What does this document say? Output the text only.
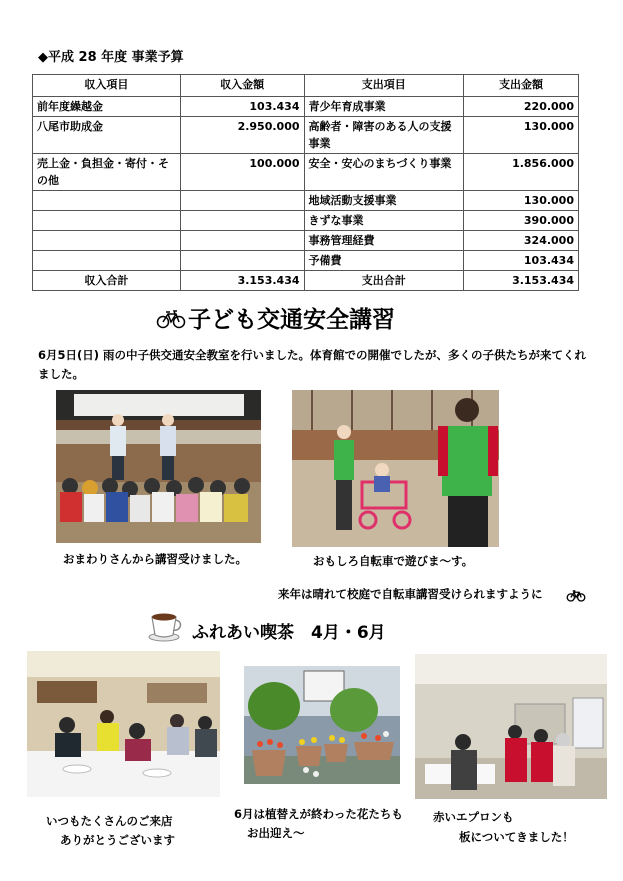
◆平成 28 年度 事業予算
収入項目	収入金額	支出項目	支出金額
前年度繰越金	103.434	青少年育成事業	220.000
八尾市助成金	2.950.000	高齢者・障害のある人の支援事業	130.000
売上金・負担金・寄付・その他	100.000	安全・安心のまちづくり事業	1.856.000
		地域活動支援事業	130.000
		きずな事業	390.000
		事務管理経費	324.000
		予備費	103.434
収入合計	3.153.434	支出合計	3.153.434
子ども交通安全講習
6月5日(日) 雨の中子供交通安全教室を行いました。体育館での開催でしたが、多くの子供たちが来てくれました。
おまわりさんから講習受けました。	おもしろ自転車で遊びま～す。
来年は晴れて校庭で自転車講習受けられますように
ふれあい喫茶　4月・6月
いつもたくさんのご来店
ありがとうございます
6月は植替えが終わった花たちも
お出迎え～
赤いエプロンも
板についてきました！
